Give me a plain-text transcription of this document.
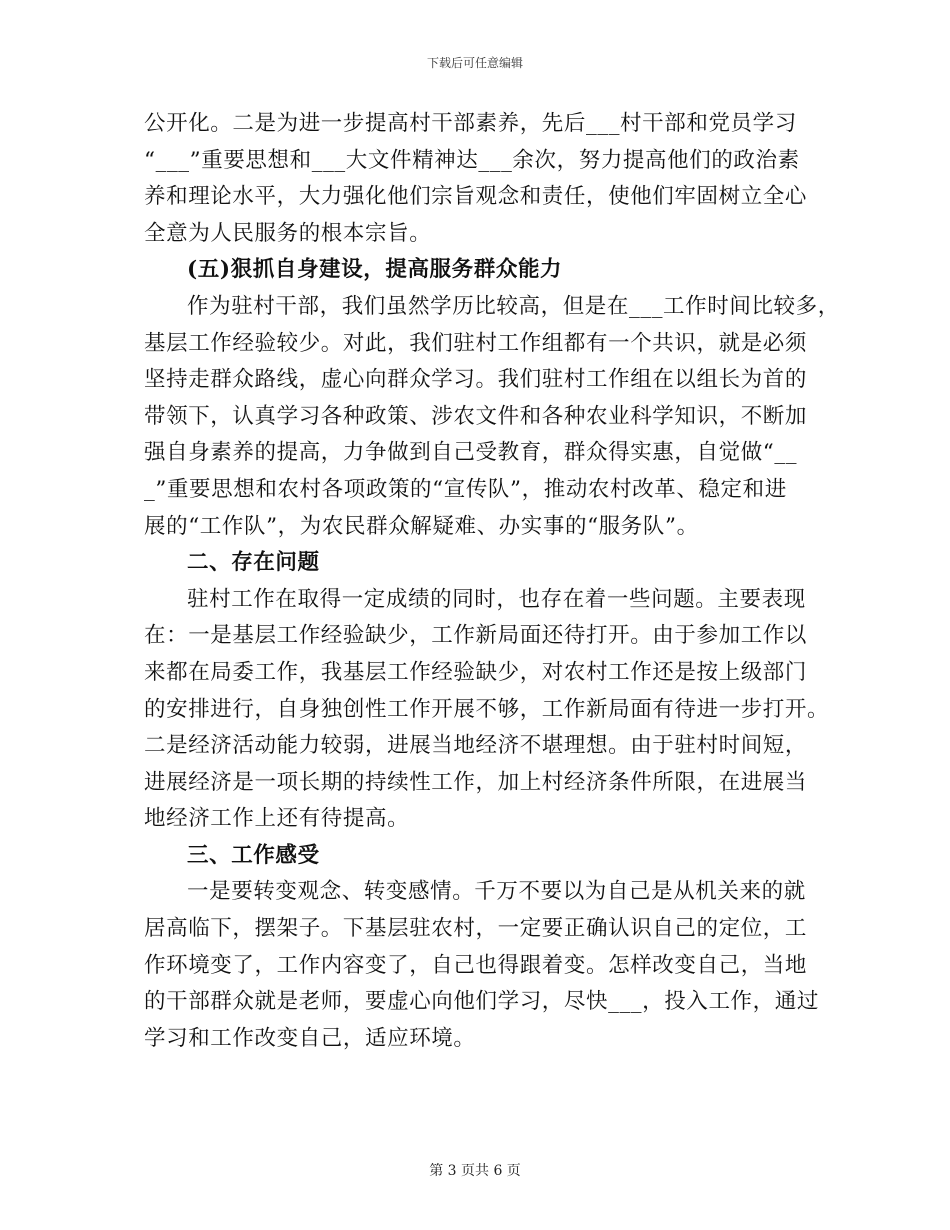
下载后可任意编辑
公开化。二是为进一步提高村干部素养，先后___村干部和党员学习
“___”重要思想和___大文件精神达___余次，努力提高他们的政治素
养和理论水平，大力强化他们宗旨观念和责任，使他们牢固树立全心
全意为人民服务的根本宗旨。
(五)狠抓自身建设，提高服务群众能力
作为驻村干部，我们虽然学历比较高，但是在___工作时间比较多，
基层工作经验较少。对此，我们驻村工作组都有一个共识，就是必须
坚持走群众路线，虚心向群众学习。我们驻村工作组在以组长为首的
带领下，认真学习各种政策、涉农文件和各种农业科学知识，不断加
强自身素养的提高，力争做到自己受教育，群众得实惠，自觉做“__
_”重要思想和农村各项政策的“宣传队”，推动农村改革、稳定和进
展的“工作队”，为农民群众解疑难、办实事的“服务队”。
二、存在问题
驻村工作在取得一定成绩的同时，也存在着一些问题。主要表现
在：一是基层工作经验缺少，工作新局面还待打开。由于参加工作以
来都在局委工作，我基层工作经验缺少，对农村工作还是按上级部门
的安排进行，自身独创性工作开展不够，工作新局面有待进一步打开。
二是经济活动能力较弱，进展当地经济不堪理想。由于驻村时间短，
进展经济是一项长期的持续性工作，加上村经济条件所限，在进展当
地经济工作上还有待提高。
三、工作感受
一是要转变观念、转变感情。千万不要以为自己是从机关来的就
居高临下，摆架子。下基层驻农村，一定要正确认识自己的定位，工
作环境变了，工作内容变了，自己也得跟着变。怎样改变自己，当地
的干部群众就是老师，要虚心向他们学习，尽快___，投入工作，通过
学习和工作改变自己，适应环境。
第 3 页共 6 页
